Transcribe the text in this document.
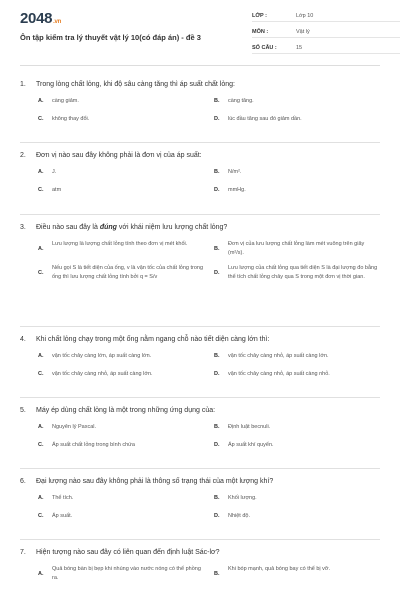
2048.vn
Ôn tập kiểm tra lý thuyết vật lý 10(có đáp án) - đề 3
LỚP :	Lớp 10
MÔN :	Vật lý
SỐ CÂU :	15
1.	Trong lòng chất lỏng, khi độ sâu càng tăng thì áp suất chất lỏng:
A.	càng giảm.	B.	càng tăng.
C.	không thay đổi.	D.	lúc đầu tăng sau đó giảm dần.
2.	Đơn vị nào sau đây không phải là đơn vị của áp suất:
A.	J.	B.	N/m².
C.	atm	D.	mmHg.
3.	Điều nào sau đây là đúng với khái niệm lưu lượng chất lỏng?
A.
Lưu lượng là lượng chất lỏng tính theo đơn vị mét khối.
B.
Đơn vị của lưu lượng chất lỏng làm mét vuông trên giây (m²/s).
C.
Nếu gọi S là tiết diện của ống, v là vận tốc của chất lỏng trong ống thì lưu lượng chất lỏng tính bởi q = S/v
D.
Lưu lượng của chất lỏng qua tiết diện S là đại lượng đo bằng thể tích chất lỏng chảy qua S trong một đơn vị thời gian.
4.	Khi chất lỏng chạy trong một ống nằm ngang chỗ nào tiết diện càng lớn thì:
A.	vận tốc chảy càng lớn, áp suất càng lớn.	B.	vận tốc chảy càng nhỏ, áp suất càng lớn.
C.	vận tốc chảy càng nhỏ, áp suất càng lớn.	D.	vận tốc chảy càng nhỏ, áp suất càng nhỏ.
5.	Máy ép dùng chất lỏng là một trong những ứng dụng của:
A.	Nguyên lý Paxcal.	B.	Định luật becnuli.
C.	Áp suất chất lỏng trong bình chứa	D.	Áp suất khí quyển.
6.	Đại lượng nào sau đây không phải là thông số trạng thái của một lượng khí?
A.	Thể tích.	B.	Khối lượng.
C.	Áp suất.	D.	Nhiệt độ.
7.	Hiện tượng nào sau đây có liên quan đến định luật Sác-lơ?
A.
Quả bóng bàn bị bẹp khi nhúng vào nước nóng có thể phồng ra.
B.
Khi bóp mạnh, quả bóng bay có thể bị vỡ.
